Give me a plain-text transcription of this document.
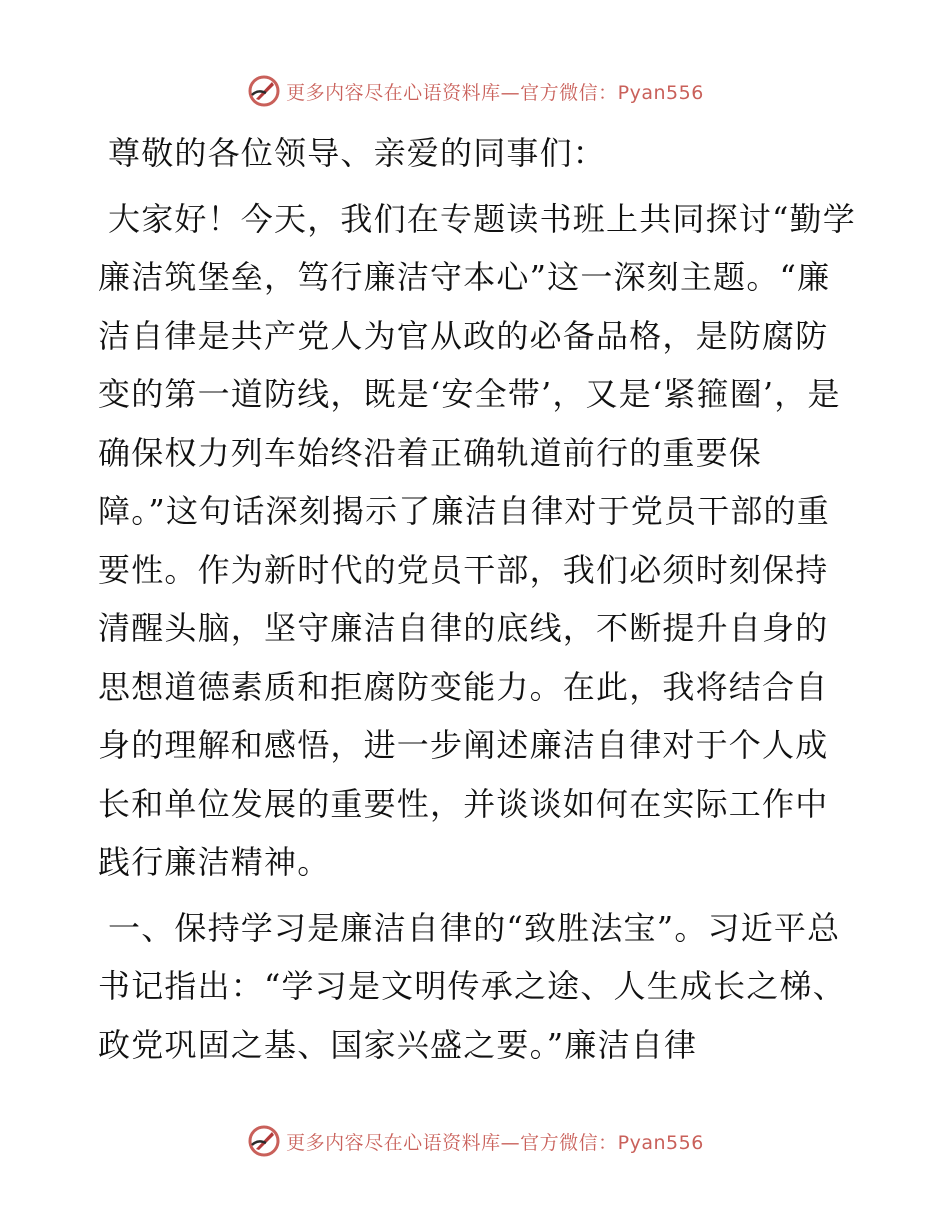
更多内容尽在心语资料库—官方微信：Pyan556

尊敬的各位领导、亲爱的同事们：

大家好！今天，我们在专题读书班上共同探讨“勤学廉洁筑堡垒，笃行廉洁守本心”这一深刻主题。“廉洁自律是共产党人为官从政的必备品格，是防腐防变的第一道防线，既是‘安全带’，又是‘紧箍圈’，是确保权力列车始终沿着正确轨道前行的重要保障。”这句话深刻揭示了廉洁自律对于党员干部的重要性。作为新时代的党员干部，我们必须时刻保持清醒头脑，坚守廉洁自律的底线，不断提升自身的思想道德素质和拒腐防变能力。在此，我将结合自身的理解和感悟，进一步阐述廉洁自律对于个人成长和单位发展的重要性，并谈谈如何在实际工作中践行廉洁精神。

一、保持学习是廉洁自律的“致胜法宝”。习近平总书记指出：“学习是文明传承之途、人生成长之梯、政党巩固之基、国家兴盛之要。”廉洁自律

更多内容尽在心语资料库—官方微信：Pyan556
